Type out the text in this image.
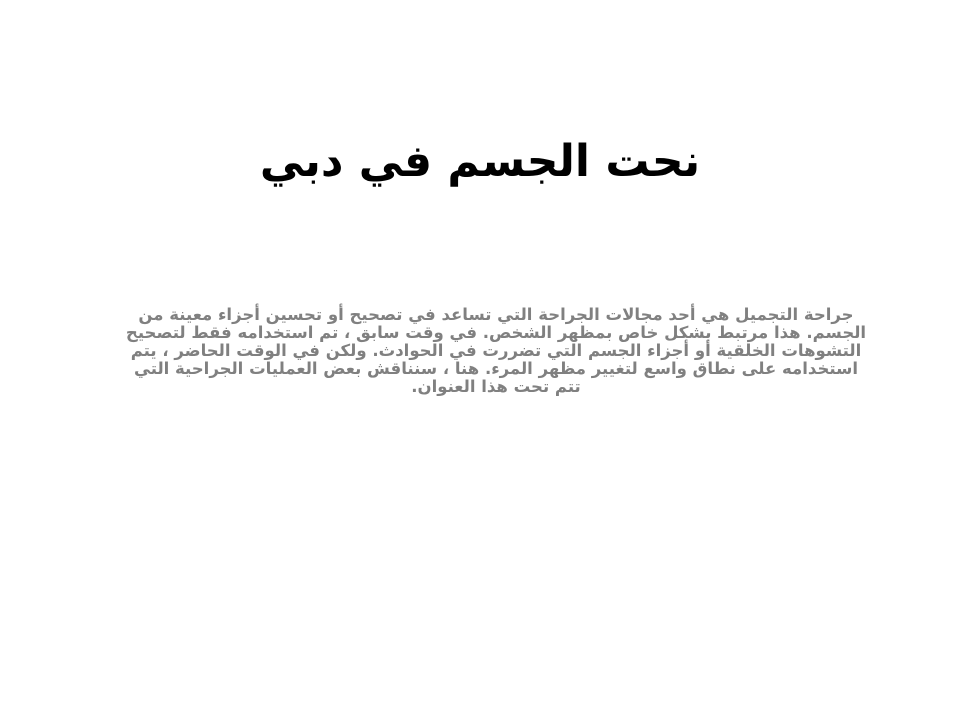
نحت الجسم في دبي

جراحة التجميل هي أحد مجالات الجراحة التي تساعد في تصحيح أو تحسين أجزاء معينة من الجسم. هذا مرتبط بشكل خاص بمظهر الشخص. في وقت سابق ، تم استخدامه فقط لتصحيح التشوهات الخلقية أو أجزاء الجسم التي تضررت في الحوادث. ولكن في الوقت الحاضر ، يتم استخدامه على نطاق واسع لتغيير مظهر المرء. هنا ، سنناقش بعض العمليات الجراحية التي تتم تحت هذا العنوان.
